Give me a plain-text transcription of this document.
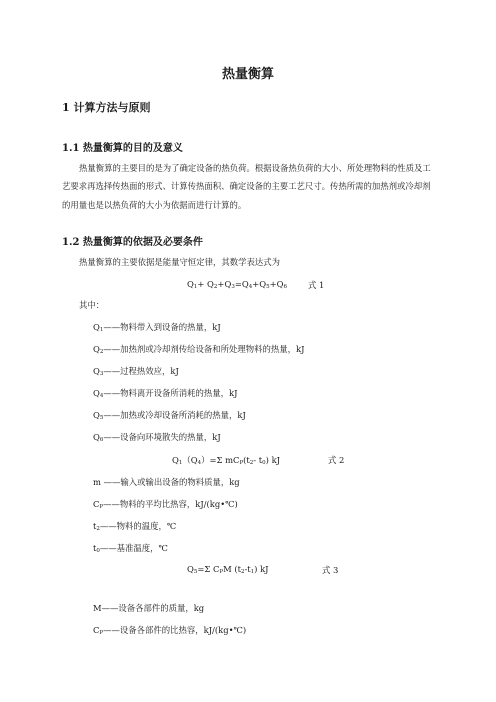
热量衡算
1 计算方法与原则
1.1 热量衡算的目的及意义
热量衡算的主要目的是为了确定设备的热负荷。根据设备热负荷的大小、所处理物料的性质及工艺要求再选择传热面的形式、计算传热面积、确定设备的主要工艺尺寸。传热所需的加热剂或冷却剂的用量也是以热负荷的大小为依据而进行计算的。
1.2 热量衡算的依据及必要条件
热量衡算的主要依据是能量守恒定律，其数学表达式为
$Q_1+ Q_2+Q_3=Q_4+Q_5+Q_6$	式 1
其中：
$Q_1——$物料带入到设备的热量，kJ
$Q_2——$加热剂或冷却剂传给设备和所处理物料的热量，kJ
$Q_3——$过程热效应，kJ
$Q_4——$物料离开设备所消耗的热量，kJ
$Q_5——$加热或冷却设备所消耗的热量，kJ
$Q_6——$设备向环境散失的热量，kJ
$Q_1(Q_4)=\Sigma$ $mC_P(t_2-$ $t_0$) kJ	式 2
m ——输入或输出设备的物料质量，kg
$C_P——$物料的平均比热容，kJ/(kg•℃)
$t_2——$物料的温度，℃
$t_0——$基准温度，℃
$Q_5=\Sigma$ $C_PM$ $(t_2-t_1)$ kJ	式 3
M——设备各部件的质量，kg
$C_P——$设备各部件的比热容，kJ/(kg•℃)
